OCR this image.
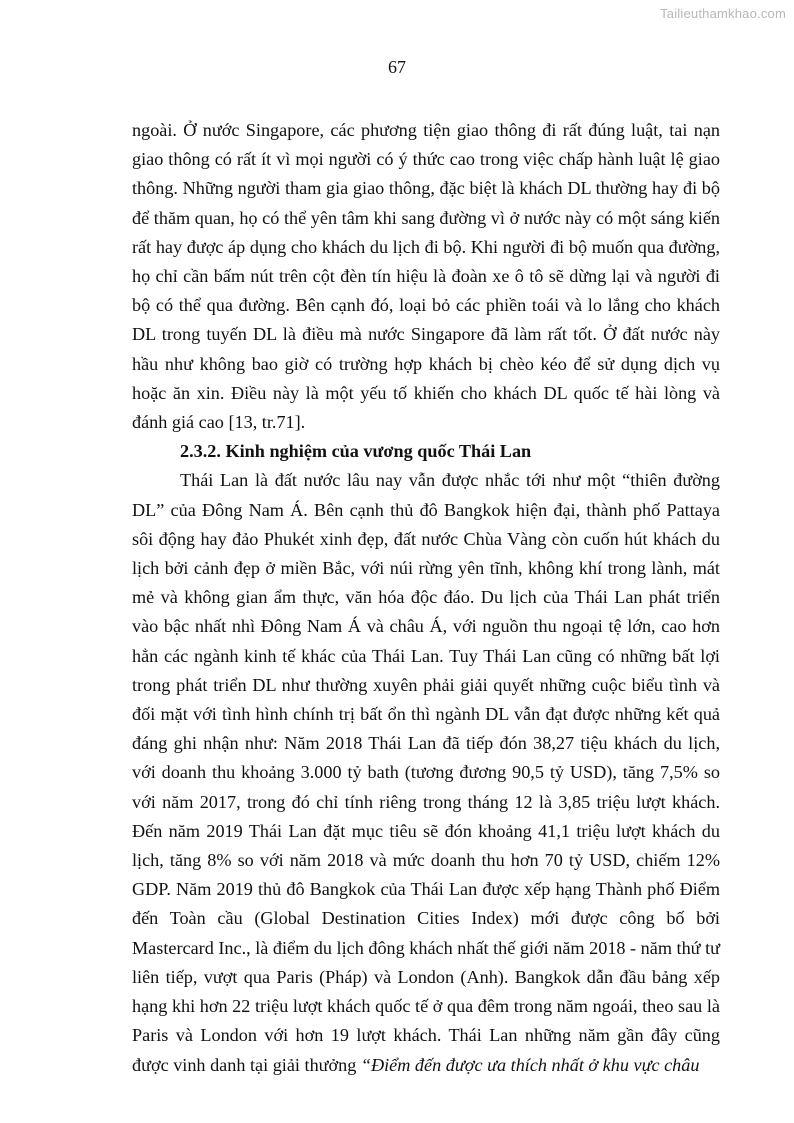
Tailieuthamkhao.com
67

ngoài. Ở nước Singapore, các phương tiện giao thông đi rất đúng luật, tai nạn giao thông có rất ít vì mọi người có ý thức cao trong việc chấp hành luật lệ giao thông. Những người tham gia giao thông, đặc biệt là khách DL thường hay đi bộ để thăm quan, họ có thể yên tâm khi sang đường vì ở nước này có một sáng kiến rất hay được áp dụng cho khách du lịch đi bộ. Khi người đi bộ muốn qua đường, họ chỉ cần bấm nút trên cột đèn tín hiệu là đoàn xe ô tô sẽ dừng lại và người đi bộ có thể qua đường. Bên cạnh đó, loại bỏ các phiền toái và lo lắng cho khách DL trong tuyến DL là điều mà nước Singapore đã làm rất tốt. Ở đất nước này hầu như không bao giờ có trường hợp khách bị chèo kéo để sử dụng dịch vụ hoặc ăn xin. Điều này là một yếu tố khiến cho khách DL quốc tế hài lòng và đánh giá cao [13, tr.71].

2.3.2. Kinh nghiệm của vương quốc Thái Lan

Thái Lan là đất nước lâu nay vẫn được nhắc tới như một “thiên đường DL” của Đông Nam Á. Bên cạnh thủ đô Bangkok hiện đại, thành phố Pattaya sôi động hay đảo Phukét xinh đẹp, đất nước Chùa Vàng còn cuốn hút khách du lịch bởi cảnh đẹp ở miền Bắc, với núi rừng yên tĩnh, không khí trong lành, mát mẻ và không gian ẩm thực, văn hóa độc đáo. Du lịch của Thái Lan phát triển vào bậc nhất nhì Đông Nam Á và châu Á, với nguồn thu ngoại tệ lớn, cao hơn hẳn các ngành kinh tế khác của Thái Lan. Tuy Thái Lan cũng có những bất lợi trong phát triển DL như thường xuyên phải giải quyết những cuộc biểu tình và đối mặt với tình hình chính trị bất ổn thì ngành DL vẫn đạt được những kết quả đáng ghi nhận như: Năm 2018 Thái Lan đã tiếp đón 38,27 tiệu khách du lịch, với doanh thu khoảng 3.000 tỷ bath (tương đương 90,5 tỷ USD), tăng 7,5% so với năm 2017, trong đó chỉ tính riêng trong tháng 12 là 3,85 triệu lượt khách. Đến năm 2019 Thái Lan đặt mục tiêu sẽ đón khoảng 41,1 triệu lượt khách du lịch, tăng 8% so với năm 2018 và mức doanh thu hơn 70 tỷ USD, chiếm 12% GDP. Năm 2019 thủ đô Bangkok của Thái Lan được xếp hạng Thành phố Điểm đến Toàn cầu (Global Destination Cities Index) mới được công bố bởi Mastercard Inc., là điểm du lịch đông khách nhất thế giới năm 2018 - năm thứ tư liên tiếp, vượt qua Paris (Pháp) và London (Anh). Bangkok dẫn đầu bảng xếp hạng khi hơn 22 triệu lượt khách quốc tế ở qua đêm trong năm ngoái, theo sau là Paris và London với hơn 19 lượt khách. Thái Lan những năm gần đây cũng được vinh danh tại giải thưởng “Điểm đến được ưa thích nhất ở khu vực châu
